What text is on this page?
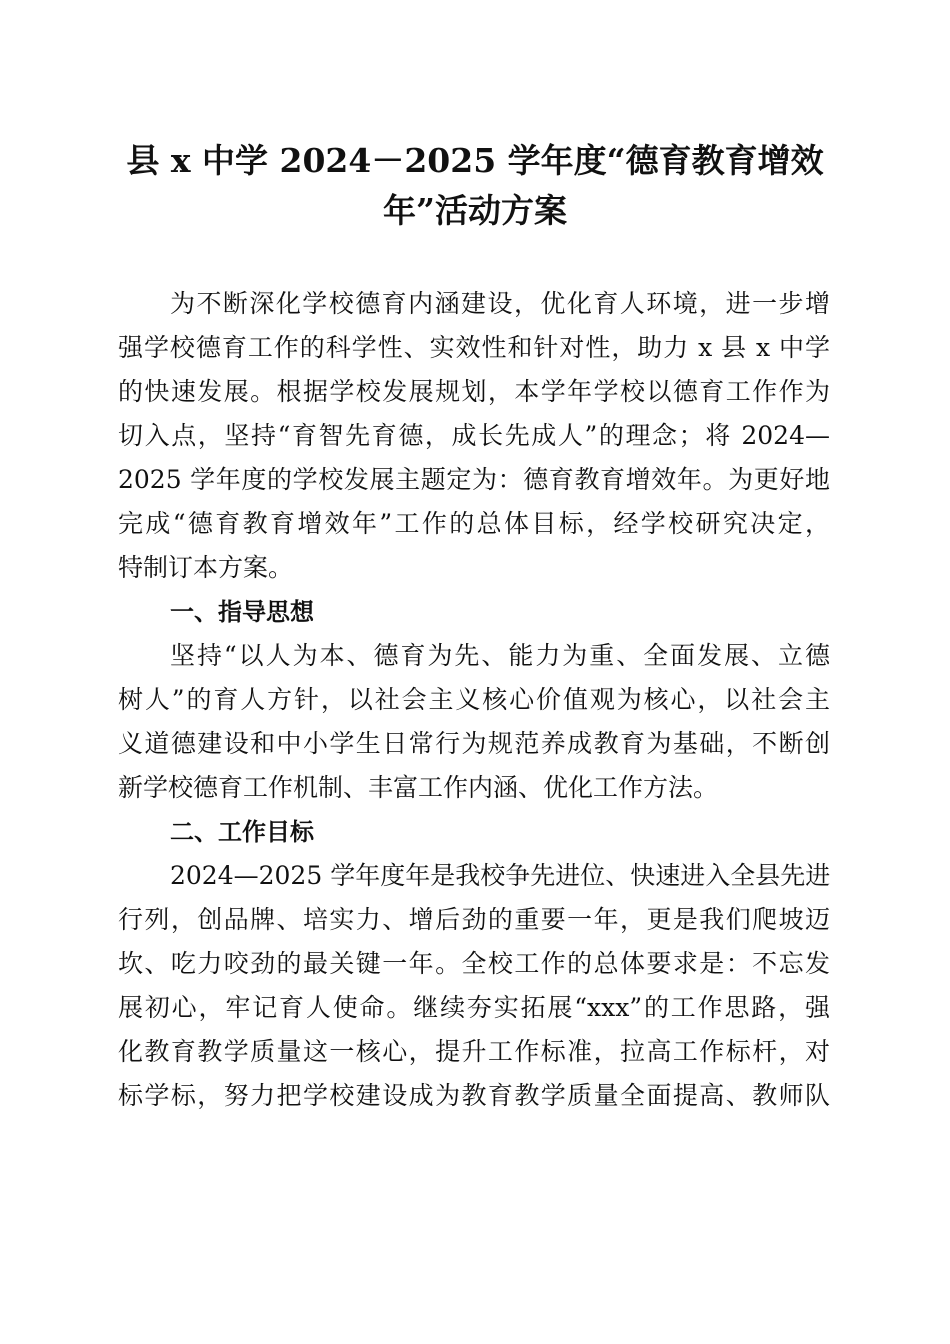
县 x 中学 2024－2025 学年度“德育教育增效
年”活动方案
为不断深化学校德育内涵建设，优化育人环境，进一步增
强学校德育工作的科学性、实效性和针对性，助力 x 县 x 中学
的快速发展。根据学校发展规划，本学年学校以德育工作作为
切入点，坚持“育智先育德，成长先成人”的理念；将 2024—
2025 学年度的学校发展主题定为：德育教育增效年。为更好地
完成“德育教育增效年”工作的总体目标，经学校研究决定，
特制订本方案。
一、指导思想
坚持“以人为本、德育为先、能力为重、全面发展、立德
树人”的育人方针，以社会主义核心价值观为核心，以社会主
义道德建设和中小学生日常行为规范养成教育为基础，不断创
新学校德育工作机制、丰富工作内涵、优化工作方法。
二、工作目标
2024—2025 学年度年是我校争先进位、快速进入全县先进
行列，创品牌、培实力、增后劲的重要一年，更是我们爬坡迈
坎、吃力咬劲的最关键一年。全校工作的总体要求是：不忘发
展初心，牢记育人使命。继续夯实拓展“xxx”的工作思路，强
化教育教学质量这一核心，提升工作标准，拉高工作标杆，对
标学标，努力把学校建设成为教育教学质量全面提高、教师队
